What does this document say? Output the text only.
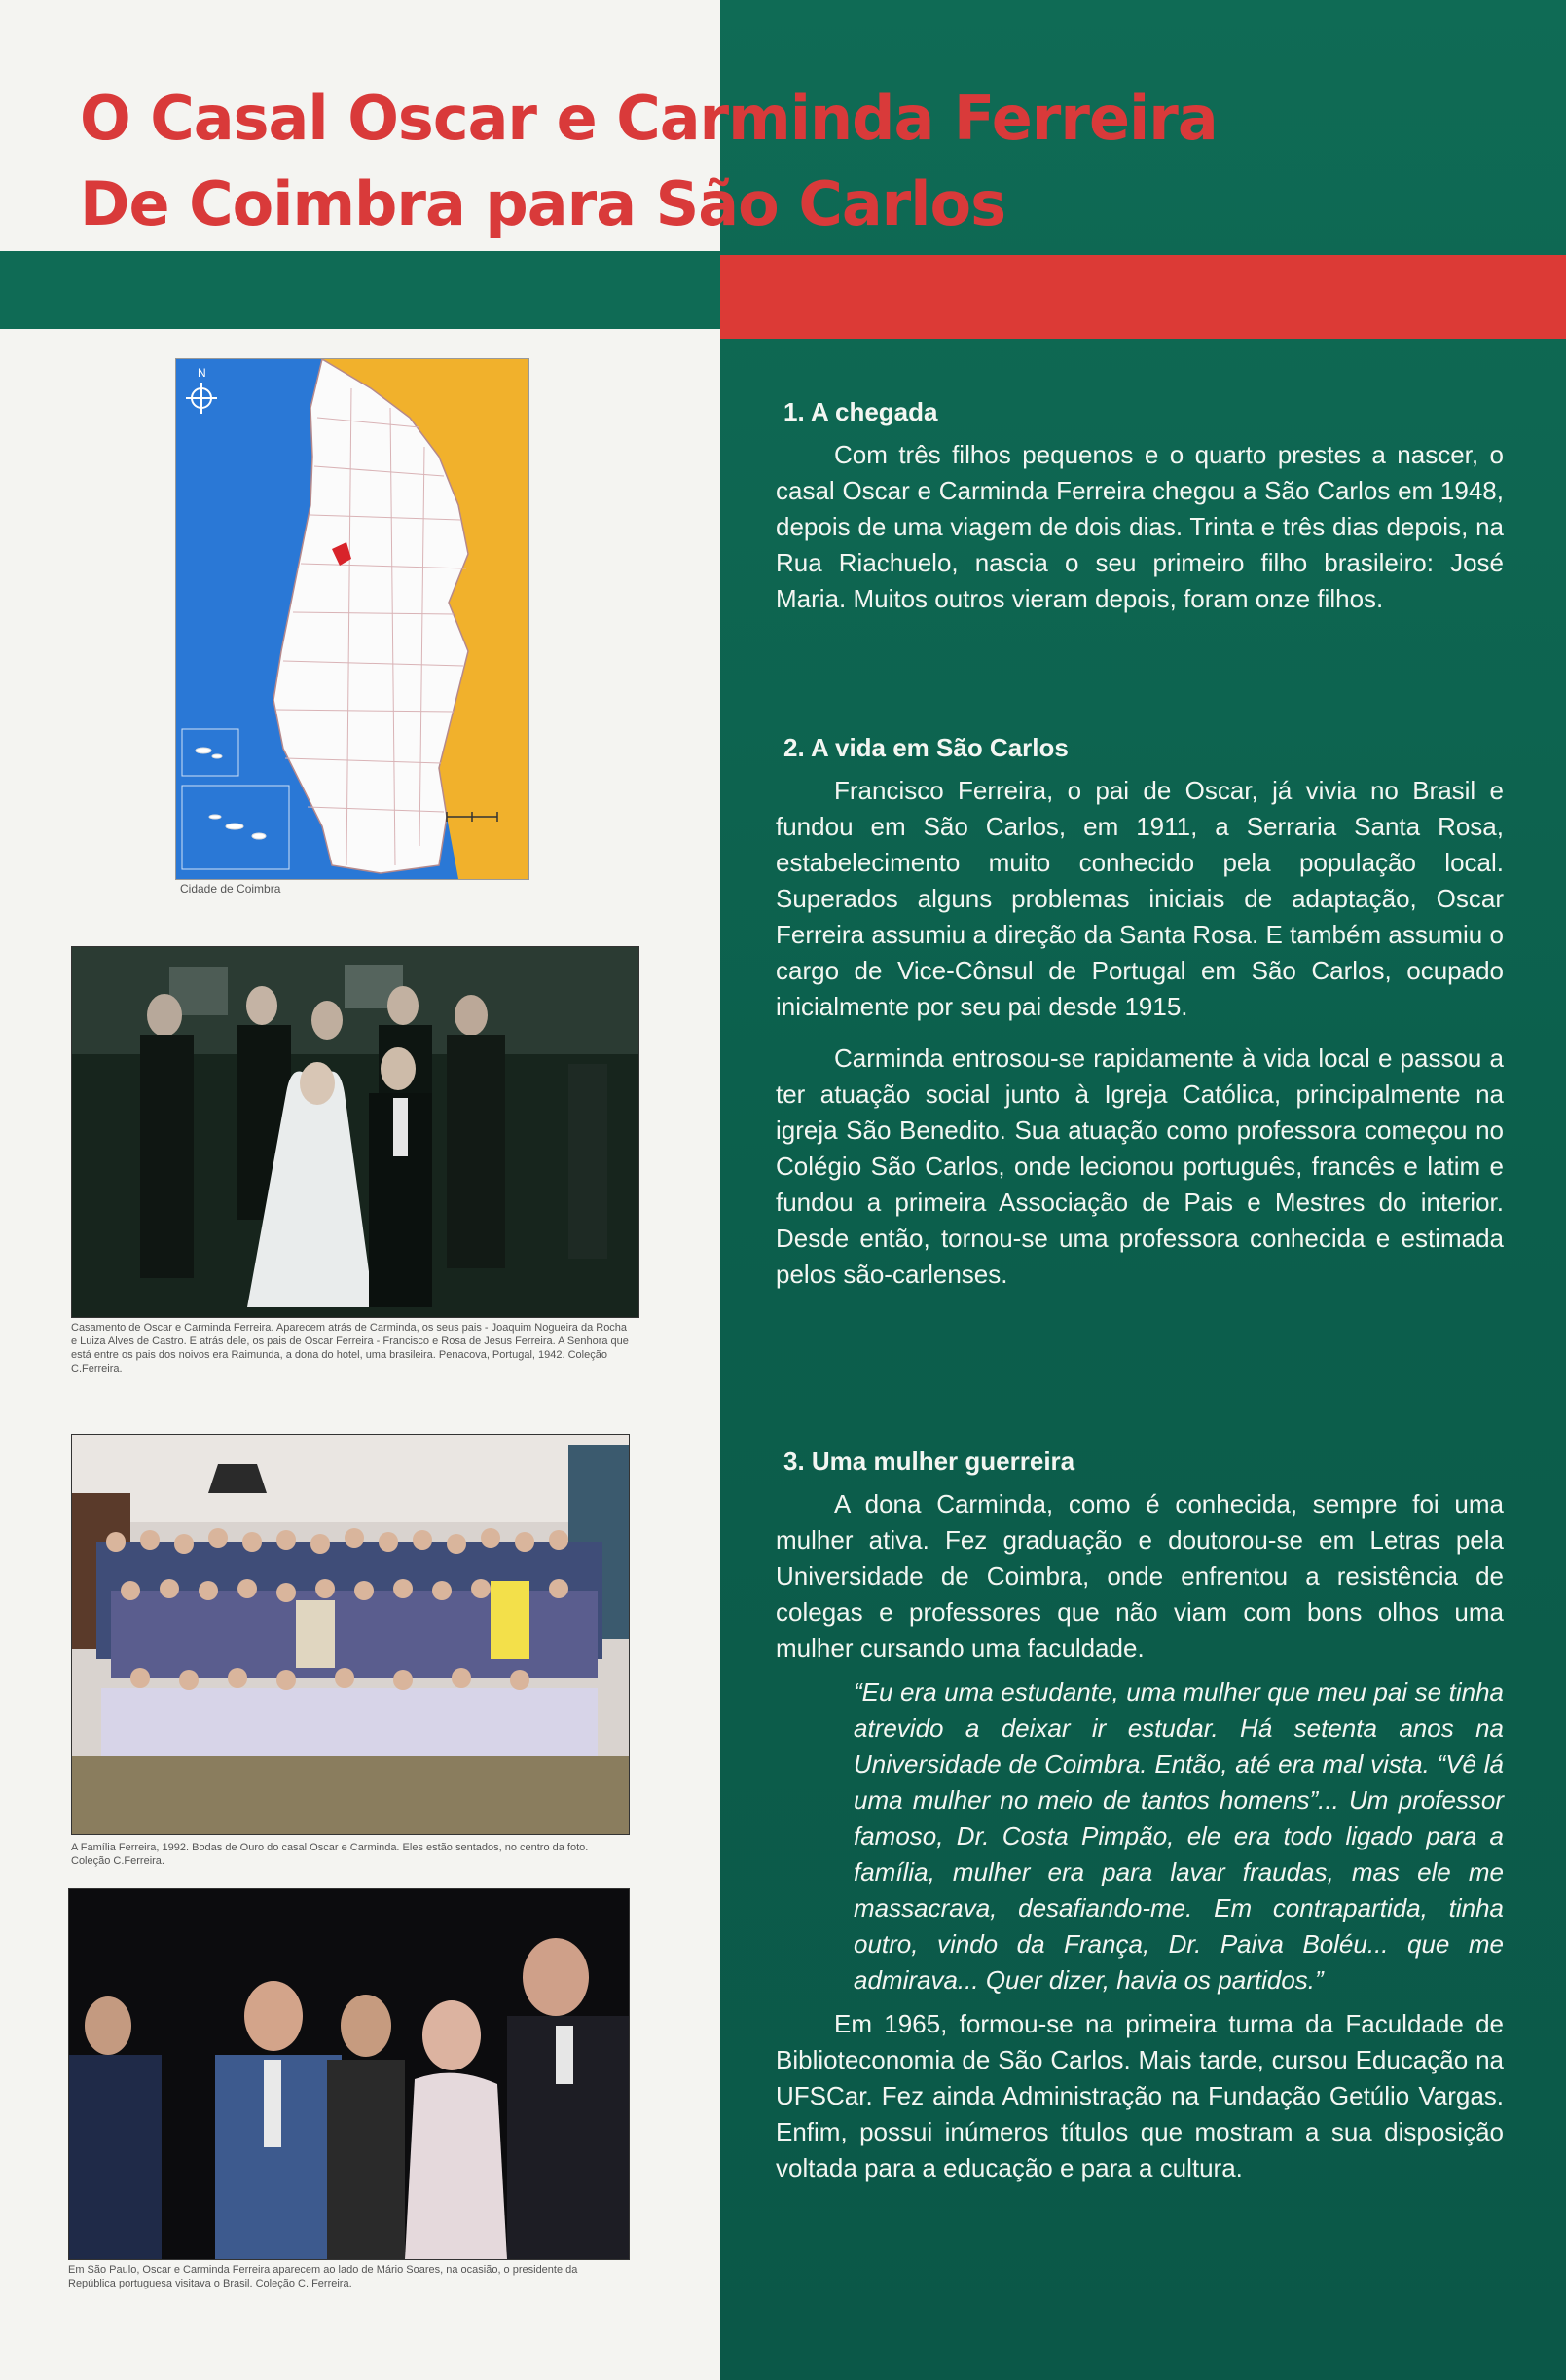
O Casal Oscar e Carminda Ferreira
De Coimbra para São Carlos
N
Cidade de Coimbra
Casamento de Oscar e Carminda Ferreira. Aparecem atrás de Carminda, os seus pais - Joaquim Nogueira da Rocha e Luiza Alves de Castro. E atrás dele, os pais de Oscar Ferreira - Francisco e Rosa de Jesus Ferreira. A Senhora que está entre os pais dos noivos era Raimunda, a dona do hotel, uma brasileira. Penacova, Portugal, 1942. Coleção C.Ferreira.
A Família Ferreira, 1992. Bodas de Ouro do casal Oscar e Carminda. Eles estão sentados, no centro da foto. Coleção C.Ferreira.
Em São Paulo, Oscar e Carminda Ferreira aparecem ao lado de Mário Soares, na ocasião, o presidente da República portuguesa visitava o Brasil. Coleção C. Ferreira.
1. A chegada

Com três filhos pequenos e o quarto prestes a nascer, o casal Oscar e Carminda Ferreira chegou a São Carlos em 1948, depois de uma viagem de dois dias. Trinta e três dias depois, na Rua Riachuelo, nascia o seu primeiro filho brasileiro: José Maria. Muitos outros vieram depois, foram onze filhos.

2. A vida em São Carlos

Francisco Ferreira, o pai de Oscar, já vivia no Brasil e fundou em São Carlos, em 1911, a Serraria Santa Rosa, estabelecimento muito conhecido pela população local. Superados alguns problemas iniciais de adaptação, Oscar Ferreira assumiu a direção da Santa Rosa. E também assumiu o cargo de Vice-Cônsul de Portugal em São Carlos, ocupado inicialmente por seu pai desde 1915.

Carminda entrosou-se rapidamente à vida local e passou a ter atuação social junto à Igreja Católica, principalmente na igreja São Benedito. Sua atuação como professora começou no Colégio São Carlos, onde lecionou português, francês e latim e fundou a primeira Associação de Pais e Mestres do interior. Desde então, tornou-se uma professora conhecida e estimada pelos são-carlenses.

3. Uma mulher guerreira

A dona Carminda, como é conhecida, sempre foi uma mulher ativa. Fez graduação e doutorou-se em Letras pela Universidade de Coimbra, onde enfrentou a resistência de colegas e professores que não viam com bons olhos uma mulher cursando uma faculdade.

“Eu era uma estudante, uma mulher que meu pai se tinha atrevido a deixar ir estudar. Há setenta anos na Universidade de Coimbra. Então, até era mal vista. “Vê lá uma mulher no meio de tantos homens”... Um professor famoso, Dr. Costa Pimpão, ele era todo ligado para a família, mulher era para lavar fraudas, mas ele me massacrava, desafiando-me. Em contrapartida, tinha outro, vindo da França, Dr. Paiva Boléu... que me admirava... Quer dizer, havia os partidos.”

Em 1965, formou-se na primeira turma da Faculdade de Biblioteconomia de São Carlos. Mais tarde, cursou Educação na UFSCar. Fez ainda Administração na Fundação Getúlio Vargas. Enfim, possui inúmeros títulos que mostram a sua disposição voltada para a educação e para a cultura.
